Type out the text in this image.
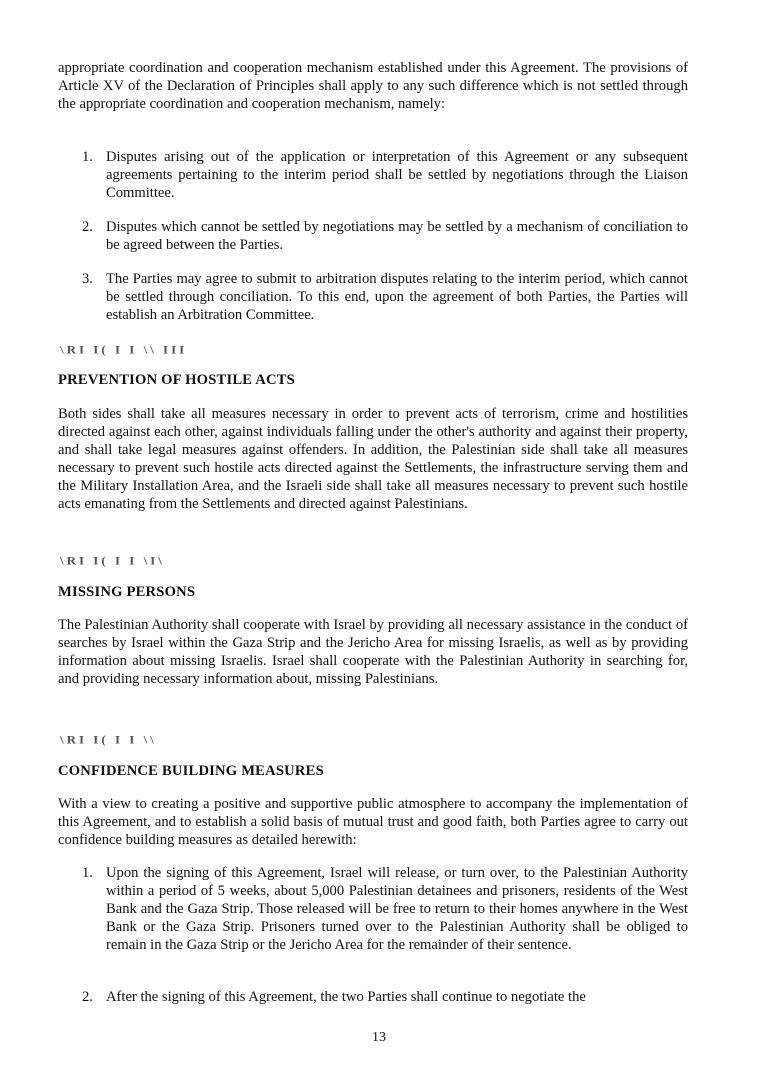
appropriate coordination and cooperation mechanism established under this Agreement. The provisions of Article XV of the Declaration of Principles shall apply to any such difference which is not settled through the appropriate coordination and cooperation mechanism, namely:

1. Disputes arising out of the application or interpretation of this Agreement or any subsequent agreements pertaining to the interim period shall be settled by negotiations through the Liaison Committee.
2. Disputes which cannot be settled by negotiations may be settled by a mechanism of conciliation to be agreed between the Parties.
3. The Parties may agree to submit to arbitration disputes relating to the interim period, which cannot be settled through conciliation. To this end, upon the agreement of both Parties, the Parties will establish an Arbitration Committee.
\RI I( I I \\ III
PREVENTION OF HOSTILE ACTS

Both sides shall take all measures necessary in order to prevent acts of terrorism, crime and hostilities directed against each other, against individuals falling under the other's authority and against their property, and shall take legal measures against offenders. In addition, the Palestinian side shall take all measures necessary to prevent such hostile acts directed against the Settlements, the infrastructure serving them and the Military Installation Area, and the Israeli side shall take all measures necessary to prevent such hostile acts emanating from the Settlements and directed against Palestinians.

\RI I( I I \I\
MISSING PERSONS

The Palestinian Authority shall cooperate with Israel by providing all necessary assistance in the conduct of searches by Israel within the Gaza Strip and the Jericho Area for missing Israelis, as well as by providing information about missing Israelis. Israel shall cooperate with the Palestinian Authority in searching for, and providing necessary information about, missing Palestinians.

\RI I( I I \\
CONFIDENCE BUILDING MEASURES

With a view to creating a positive and supportive public atmosphere to accompany the implementation of this Agreement, and to establish a solid basis of mutual trust and good faith, both Parties agree to carry out confidence building measures as detailed herewith:

1. Upon the signing of this Agreement, Israel will release, or turn over, to the Palestinian Authority within a period of 5 weeks, about 5,000 Palestinian detainees and prisoners, residents of the West Bank and the Gaza Strip. Those released will be free to return to their homes anywhere in the West Bank or the Gaza Strip. Prisoners turned over to the Palestinian Authority shall be obliged to remain in the Gaza Strip or the Jericho Area for the remainder of their sentence.
2. After the signing of this Agreement, the two Parties shall continue to negotiate the
13
